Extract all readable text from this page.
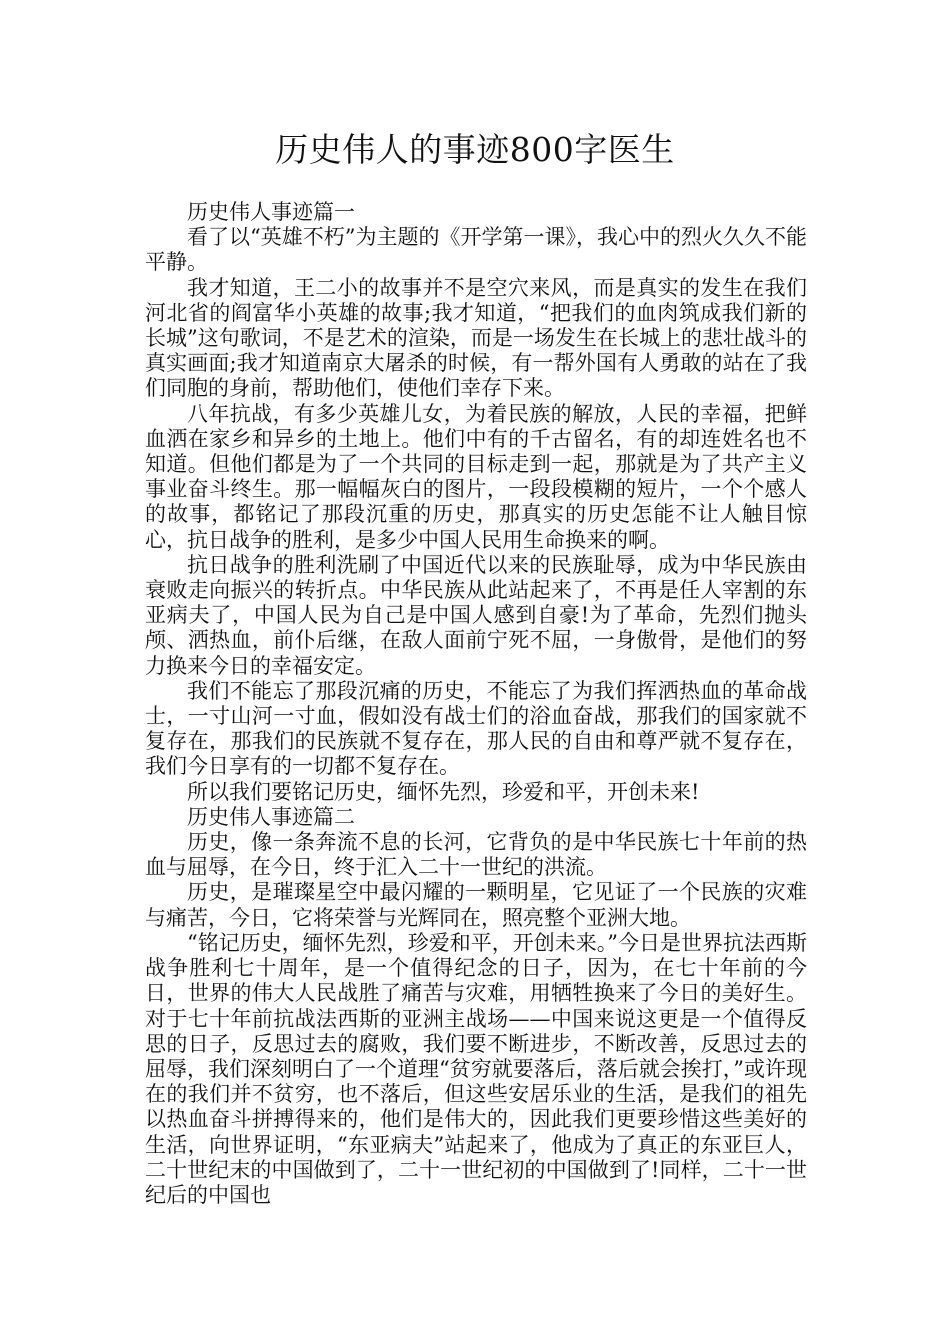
历史伟人的事迹800字医生

历史伟人事迹篇一

看了以“英雄不朽”为主题的《开学第一课》，我心中的烈火久久不能平静。

我才知道，王二小的故事并不是空穴来风，而是真实的发生在我们河北省的阎富华小英雄的故事;我才知道，“把我们的血肉筑成我们新的长城”这句歌词，不是艺术的渲染，而是一场发生在长城上的悲壮战斗的真实画面;我才知道南京大屠杀的时候，有一帮外国有人勇敢的站在了我们同胞的身前，帮助他们，使他们幸存下来。

八年抗战，有多少英雄儿女，为着民族的解放，人民的幸福，把鲜血洒在家乡和异乡的土地上。他们中有的千古留名，有的却连姓名也不知道。但他们都是为了一个共同的目标走到一起，那就是为了共产主义事业奋斗终生。那一幅幅灰白的图片，一段段模糊的短片，一个个感人的故事，都铭记了那段沉重的历史，那真实的历史怎能不让人触目惊心，抗日战争的胜利，是多少中国人民用生命换来的啊。

抗日战争的胜利洗刷了中国近代以来的民族耻辱，成为中华民族由衰败走向振兴的转折点。中华民族从此站起来了，不再是任人宰割的东亚病夫了，中国人民为自己是中国人感到自豪!为了革命，先烈们抛头颅、洒热血，前仆后继，在敌人面前宁死不屈，一身傲骨，是他们的努力换来今日的幸福安定。

我们不能忘了那段沉痛的历史，不能忘了为我们挥洒热血的革命战士，一寸山河一寸血，假如没有战士们的浴血奋战，那我们的国家就不复存在，那我们的民族就不复存在，那人民的自由和尊严就不复存在，我们今日享有的一切都不复存在。

所以我们要铭记历史，缅怀先烈，珍爱和平，开创未来!

历史伟人事迹篇二

历史，像一条奔流不息的长河，它背负的是中华民族七十年前的热血与屈辱，在今日，终于汇入二十一世纪的洪流。

历史，是璀璨星空中最闪耀的一颗明星，它见证了一个民族的灾难与痛苦，今日，它将荣誉与光辉同在，照亮整个亚洲大地。

“铭记历史，缅怀先烈，珍爱和平，开创未来。”今日是世界抗法西斯战争胜利七十周年，是一个值得纪念的日子，因为，在七十年前的今日，世界的伟大人民战胜了痛苦与灾难，用牺牲换来了今日的美好生。对于七十年前抗战法西斯的亚洲主战场——中国来说这更是一个值得反思的日子，反思过去的腐败，我们要不断进步，不断改善，反思过去的屈辱，我们深刻明白了一个道理“贫穷就要落后，落后就会挨打，”或许现在的我们并不贫穷，也不落后，但这些安居乐业的生活，是我们的祖先以热血奋斗拼搏得来的，他们是伟大的，因此我们更要珍惜这些美好的生活，向世界证明，“东亚病夫”站起来了，他成为了真正的东亚巨人，二十世纪末的中国做到了，二十一世纪初的中国做到了!同样，二十一世纪后的中国也
